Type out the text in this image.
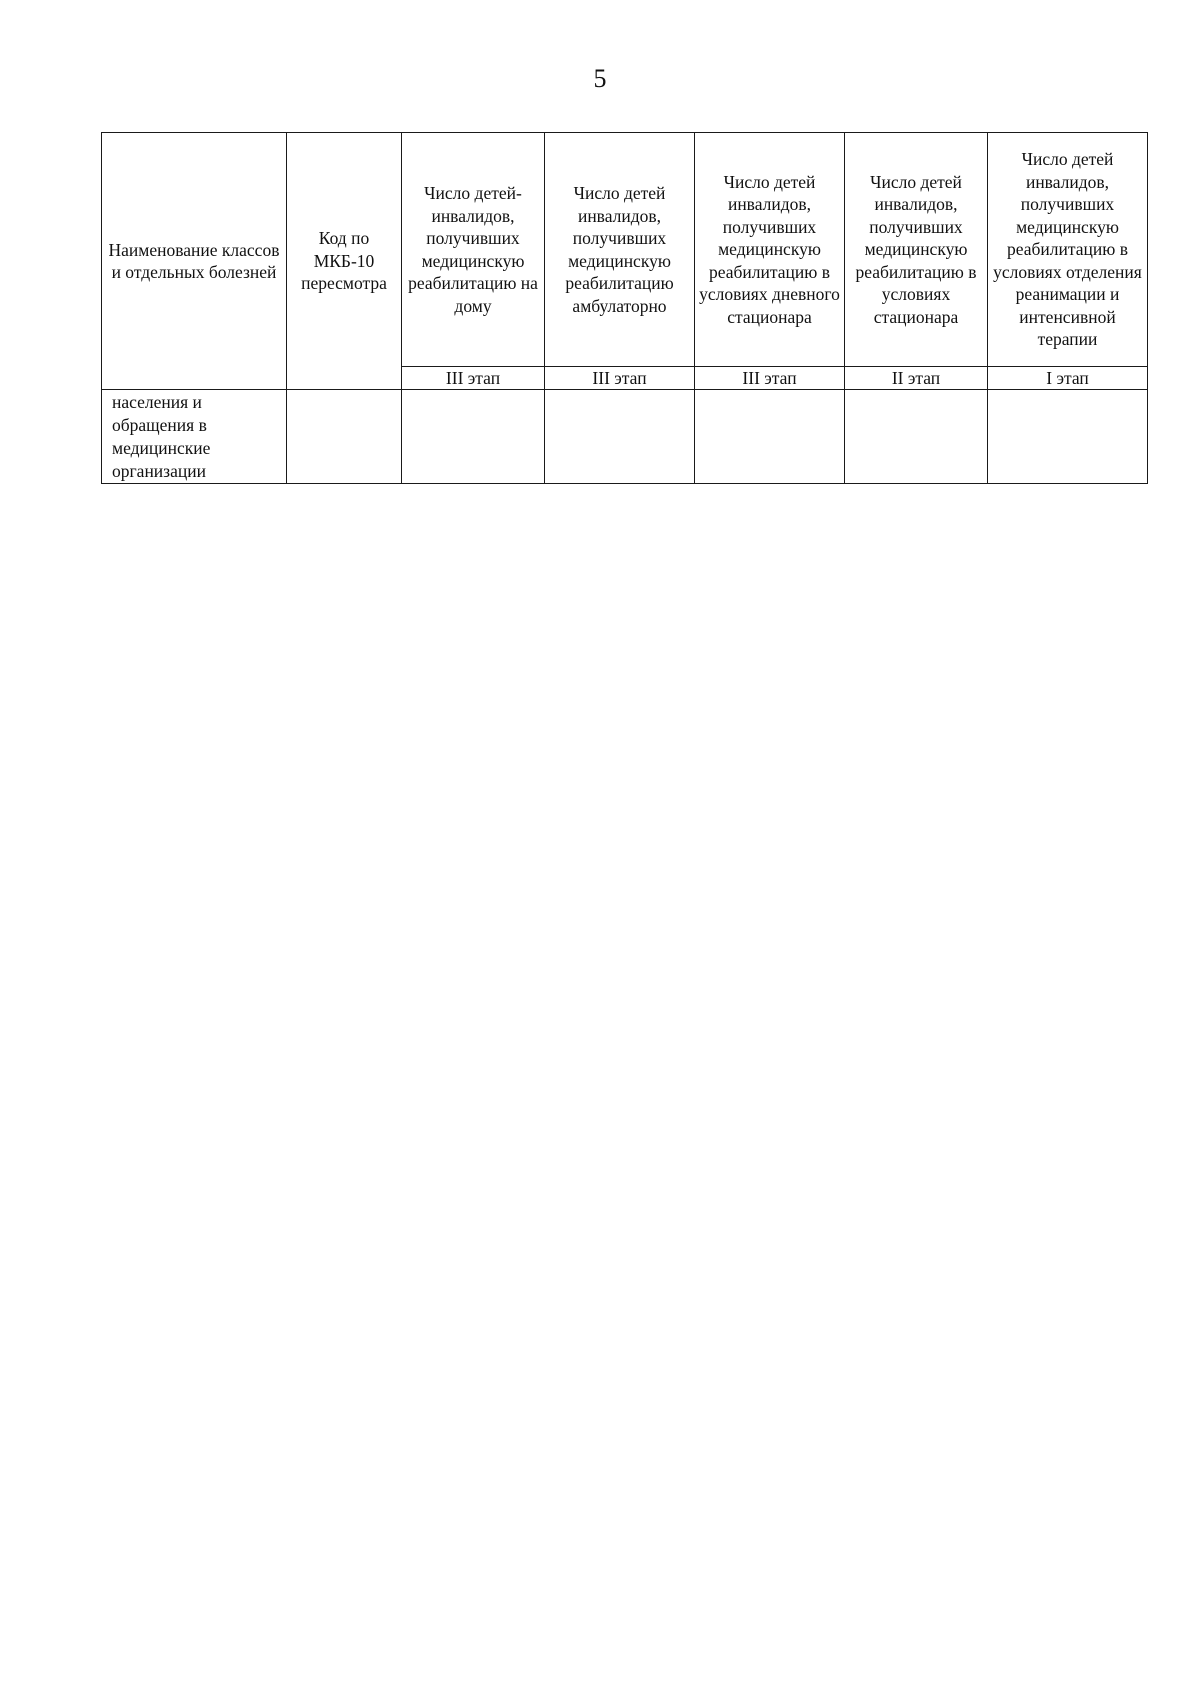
5
Наименование классов и отдельных болезней	Код по МКБ-10 пересмотра	Число детей-инвалидов, получивших медицинскую реабилитацию на дому	Число детей инвалидов, получивших медицинскую реабилитацию амбулаторно	Число детей инвалидов, получивших медицинскую реабилитацию в условиях дневного стационара	Число детей инвалидов, получивших медицинскую реабилитацию в условиях стационара	Число детей инвалидов, получивших медицинскую реабилитацию в условиях отделения реанимации и интенсивной терапии
		III этап	III этап	III этап	II этап	I этап
населения и обращения в медицинские организации						
